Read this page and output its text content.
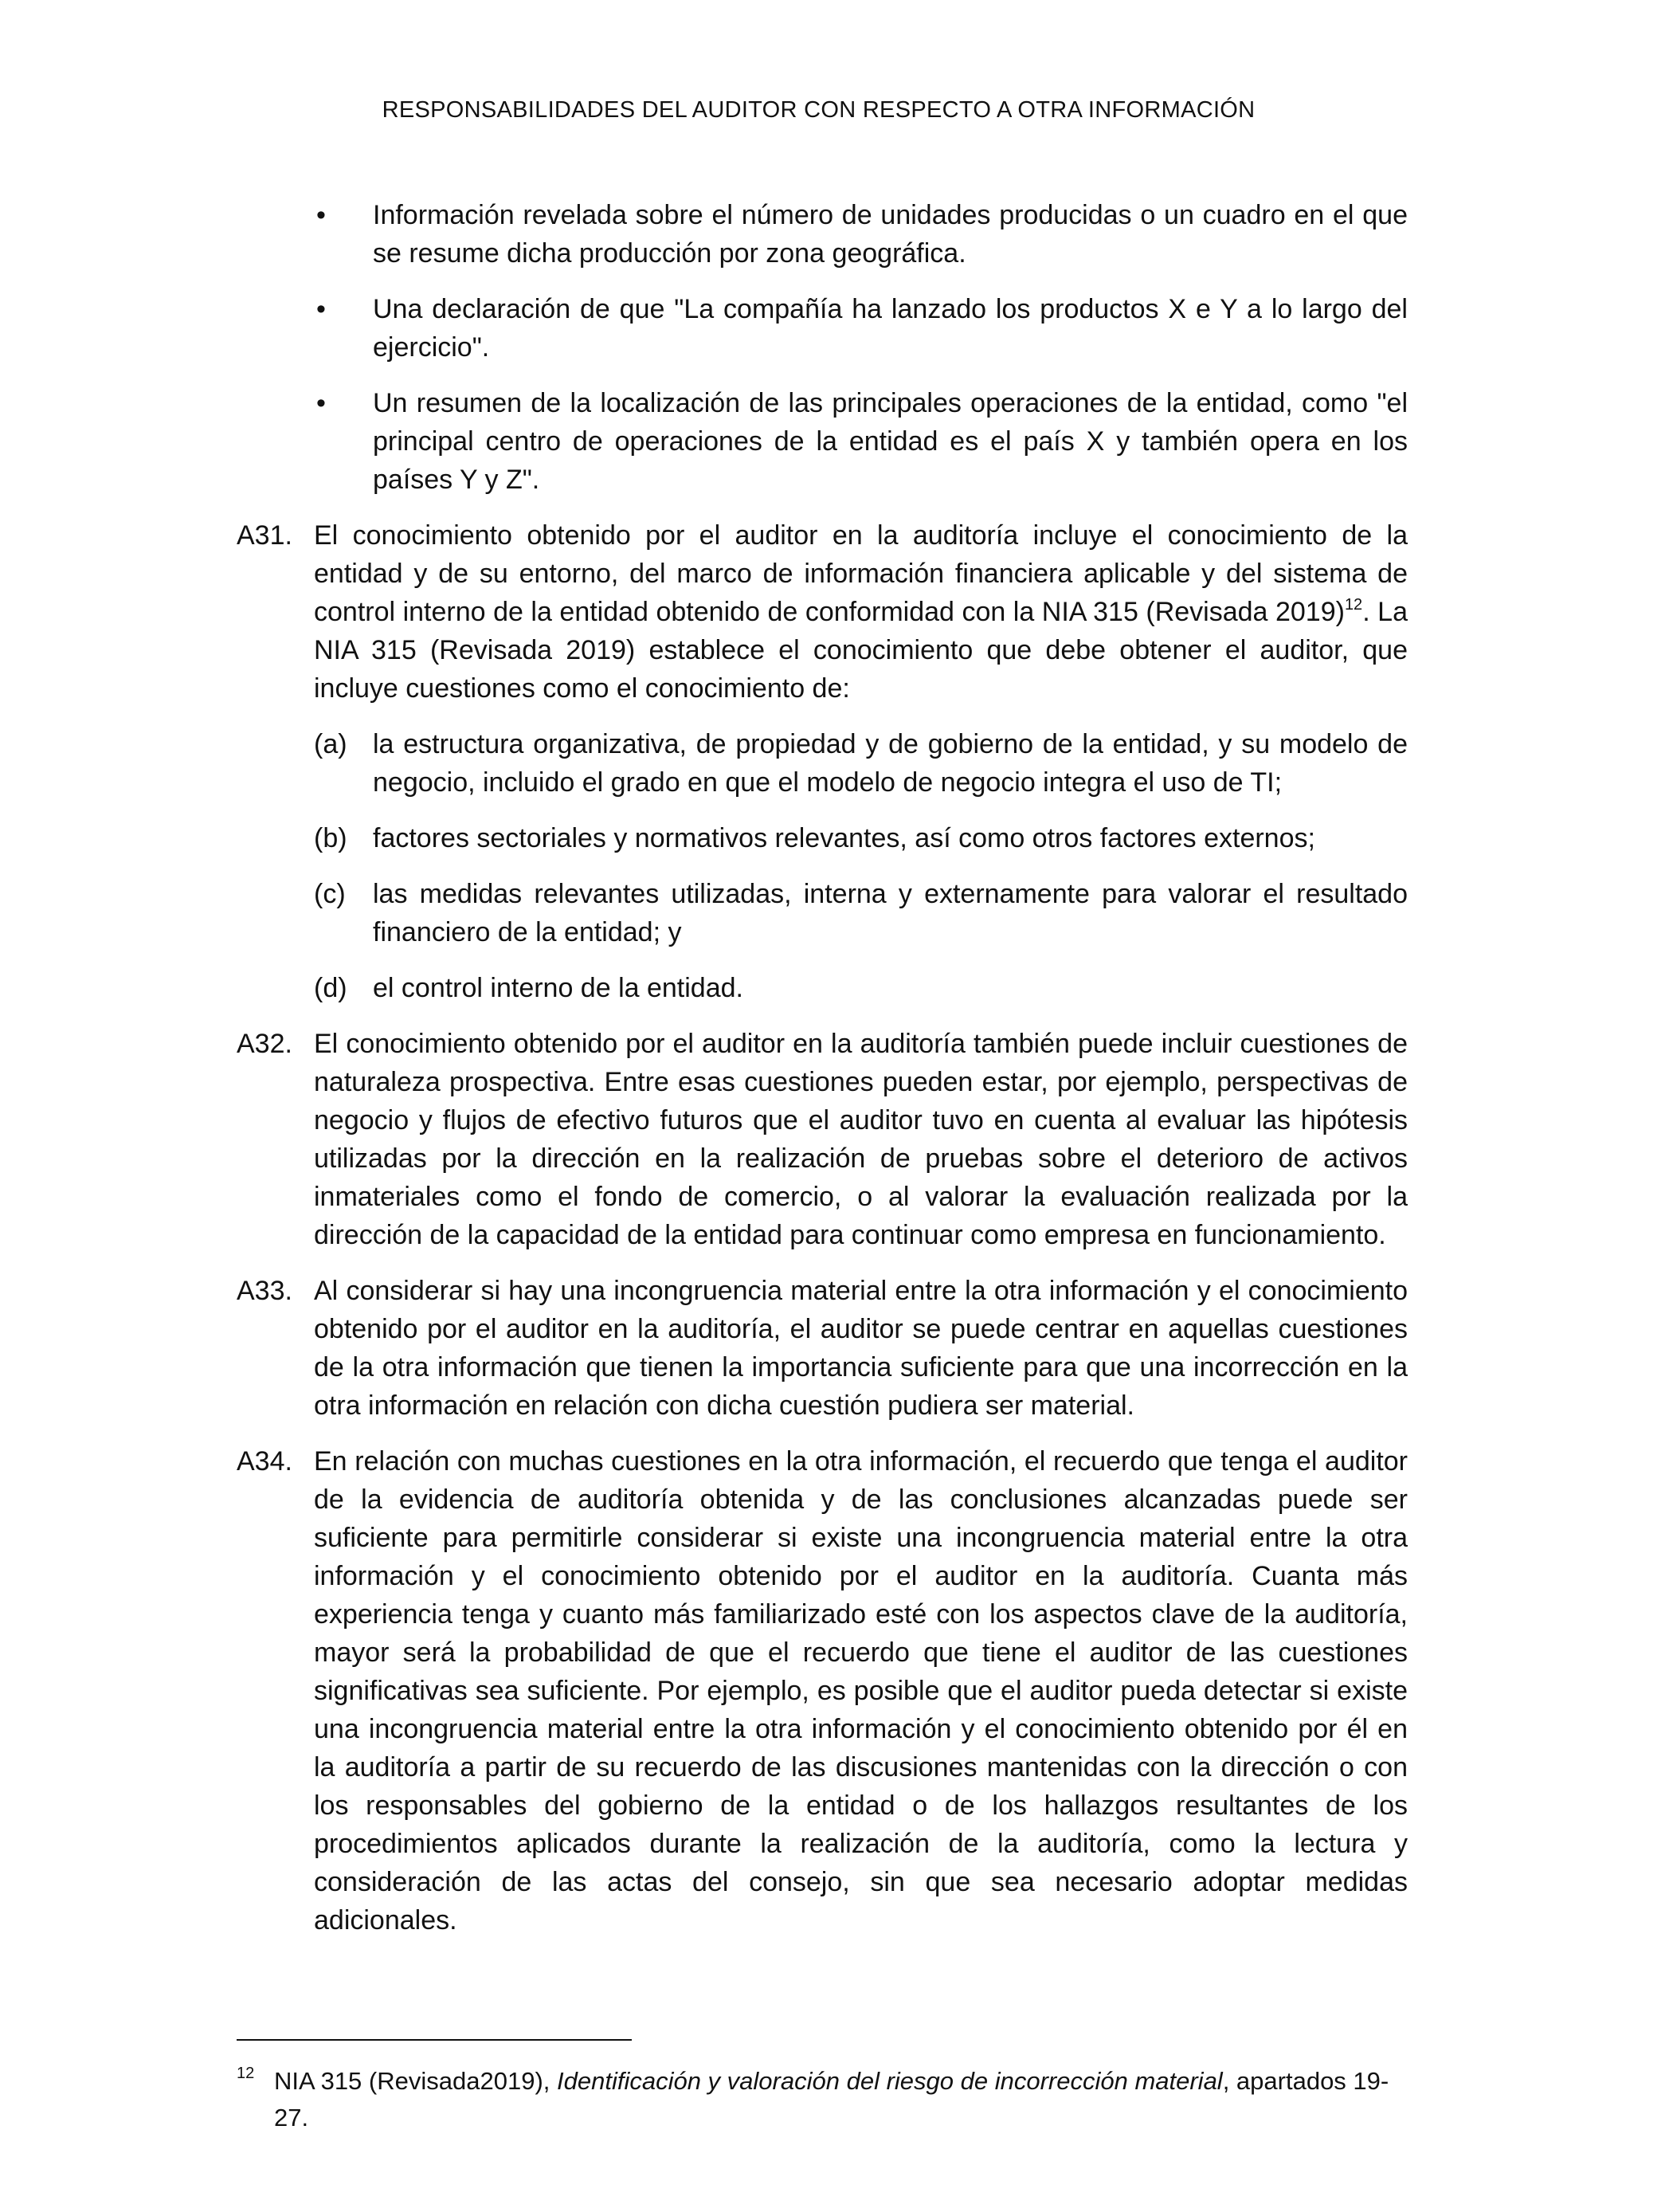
RESPONSABILIDADES DEL AUDITOR CON RESPECTO A OTRA INFORMACIÓN
• Información revelada sobre el número de unidades producidas o un cuadro en el que se resume dicha producción por zona geográfica.
• Una declaración de que "La compañía ha lanzado los productos X e Y a lo largo del ejercicio".
• Un resumen de la localización de las principales operaciones de la entidad, como "el principal centro de operaciones de la entidad es el país X y también opera en los países Y y Z".
A31. El conocimiento obtenido por el auditor en la auditoría incluye el conocimiento de la entidad y de su entorno, del marco de información financiera aplicable y del sistema de control interno de la entidad obtenido de conformidad con la NIA 315 (Revisada 2019)$^{12}$. La NIA 315 (Revisada 2019) establece el conocimiento que debe obtener el auditor, que incluye cuestiones como el conocimiento de:
(a) la estructura organizativa, de propiedad y de gobierno de la entidad, y su modelo de negocio, incluido el grado en que el modelo de negocio integra el uso de TI;
(b) factores sectoriales y normativos relevantes, así como otros factores externos;
(c) las medidas relevantes utilizadas, interna y externamente para valorar el resultado financiero de la entidad; y
(d) el control interno de la entidad.
A32. El conocimiento obtenido por el auditor en la auditoría también puede incluir cuestiones de naturaleza prospectiva. Entre esas cuestiones pueden estar, por ejemplo, perspectivas de negocio y flujos de efectivo futuros que el auditor tuvo en cuenta al evaluar las hipótesis utilizadas por la dirección en la realización de pruebas sobre el deterioro de activos inmateriales como el fondo de comercio, o al valorar la evaluación realizada por la dirección de la capacidad de la entidad para continuar como empresa en funcionamiento.
A33. Al considerar si hay una incongruencia material entre la otra información y el conocimiento obtenido por el auditor en la auditoría, el auditor se puede centrar en aquellas cuestiones de la otra información que tienen la importancia suficiente para que una incorrección en la otra información en relación con dicha cuestión pudiera ser material.
A34. En relación con muchas cuestiones en la otra información, el recuerdo que tenga el auditor de la evidencia de auditoría obtenida y de las conclusiones alcanzadas puede ser suficiente para permitirle considerar si existe una incongruencia material entre la otra información y el conocimiento obtenido por el auditor en la auditoría. Cuanta más experiencia tenga y cuanto más familiarizado esté con los aspectos clave de la auditoría, mayor será la probabilidad de que el recuerdo que tiene el auditor de las cuestiones significativas sea suficiente. Por ejemplo, es posible que el auditor pueda detectar si existe una incongruencia material entre la otra información y el conocimiento obtenido por él en la auditoría a partir de su recuerdo de las discusiones mantenidas con la dirección o con los responsables del gobierno de la entidad o de los hallazgos resultantes de los procedimientos aplicados durante la realización de la auditoría, como la lectura y consideración de las actas del consejo, sin que sea necesario adoptar medidas adicionales.
12 NIA 315 (Revisada2019), Identificación y valoración del riesgo de incorrección material, apartados 19-27.
